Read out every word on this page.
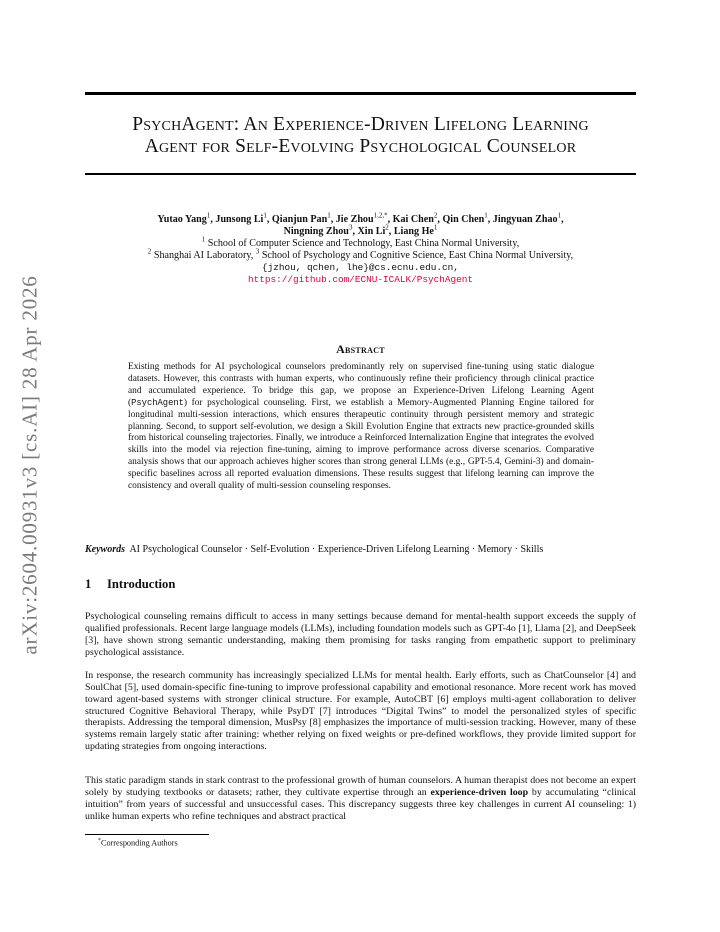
arXiv:2604.00931v3 [cs.AI] 28 Apr 2026
PsychAgent: An Experience-Driven Lifelong Learning
Agent for Self-Evolving Psychological Counselor
Yutao Yang$^1$, Junsong Li$^1$, Qianjun Pan$^1$, Jie Zhou$^{1,2,*}$, Kai Chen$^2$, Qin Chen$^1$, Jingyuan Zhao$^1$,
Ningning Zhou$^3$, Xin Li$^2$, Liang He$^1$
$^1$ School of Computer Science and Technology, East China Normal University,
$^2$ Shanghai AI Laboratory, $^3$ School of Psychology and Cognitive Science, East China Normal University,
{jzhou, qchen, lhe}@cs.ecnu.edu.cn,
https://github.com/ECNU-ICALK/PsychAgent
Abstract
Existing methods for AI psychological counselors predominantly rely on supervised fine-tuning using static dialogue datasets. However, this contrasts with human experts, who continuously refine their proficiency through clinical practice and accumulated experience. To bridge this gap, we propose an Experience-Driven Lifelong Learning Agent (PsychAgent) for psychological counseling. First, we establish a Memory-Augmented Planning Engine tailored for longitudinal multi-session interactions, which ensures therapeutic continuity through persistent memory and strategic planning. Second, to support self-evolution, we design a Skill Evolution Engine that extracts new practice-grounded skills from historical counseling trajectories. Finally, we introduce a Reinforced Internalization Engine that integrates the evolved skills into the model via rejection fine-tuning, aiming to improve performance across diverse scenarios. Comparative analysis shows that our approach achieves higher scores than strong general LLMs (e.g., GPT-5.4, Gemini-3) and domain-specific baselines across all reported evaluation dimensions. These results suggest that lifelong learning can improve the consistency and overall quality of multi-session counseling responses.
Keywords AI Psychological Counselor · Self-Evolution · Experience-Driven Lifelong Learning · Memory · Skills
1 Introduction
Psychological counseling remains difficult to access in many settings because demand for mental-health support exceeds the supply of qualified professionals. Recent large language models (LLMs), including foundation models such as GPT-4o [1], Llama [2], and DeepSeek [3], have shown strong semantic understanding, making them promising for tasks ranging from empathetic support to preliminary psychological assistance.
In response, the research community has increasingly specialized LLMs for mental health. Early efforts, such as ChatCounselor [4] and SoulChat [5], used domain-specific fine-tuning to improve professional capability and emotional resonance. More recent work has moved toward agent-based systems with stronger clinical structure. For example, AutoCBT [6] employs multi-agent collaboration to deliver structured Cognitive Behavioral Therapy, while PsyDT [7] introduces “Digital Twins” to model the personalized styles of specific therapists. Addressing the temporal dimension, MusPsy [8] emphasizes the importance of multi-session tracking. However, many of these systems remain largely static after training: whether relying on fixed weights or pre-defined workflows, they provide limited support for updating strategies from ongoing interactions.
This static paradigm stands in stark contrast to the professional growth of human counselors. A human therapist does not become an expert solely by studying textbooks or datasets; rather, they cultivate expertise through an experience-driven loop by accumulating “clinical intuition” from years of successful and unsuccessful cases. This discrepancy suggests three key challenges in current AI counseling: 1) unlike human experts who refine techniques and abstract practical
*Corresponding Authors
